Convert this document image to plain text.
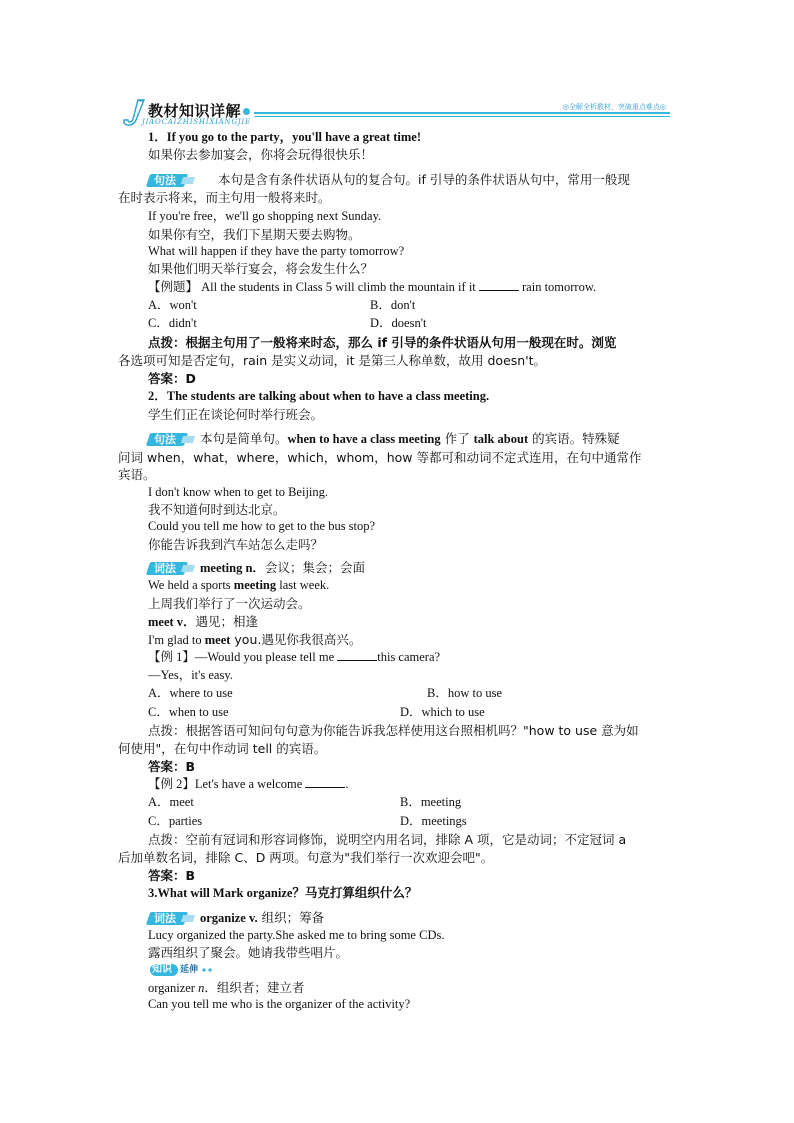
教材知识详解
JIAOCAIZHISHIXIANGJIE
◎全解全析教材，突破重点难点◎
1．If you go to the party，you'll have a great time!
如果你去参加宴会，你将会玩得很快乐！
句法	本句是含有条件状语从句的复合句。if 引导的条件状语从句中，常用一般现
在时表示将来，而主句用一般将来时。
If you're free，we'll go shopping next Sunday.
如果你有空，我们下星期天要去购物。
What will happen if they have the party tomorrow?
如果他们明天举行宴会，将会发生什么？
【例题】 All the students in Class 5 will climb the mountain if it	rain tomorrow.
A．won't	B．don't
C．didn't	D．doesn't
点拨：根据主句用了一般将来时态，那么 if 引导的条件状语从句用一般现在时。浏览
各选项可知是否定句，rain 是实义动词，it 是第三人称单数，故用 doesn't。
答案：D
2．The students are talking about when to have a class meeting.
学生们正在谈论何时举行班会。
句法 本句是简单句。when to have a class meeting 作了 talk about 的宾语。特殊疑
问词 when，what，where，which，whom，how 等都可和动词不定式连用，在句中通常作
宾语。
I don't know when to get to Beijing.
我不知道何时到达北京。
Could you tell me how to get to the bus stop?
你能告诉我到汽车站怎么走吗？
词法 meeting n．会议；集会；会面
We held a sports meeting last week.
上周我们举行了一次运动会。
meet v．遇见；相逢
I'm glad to meet you.遇见你我很高兴。
【例 1】—Would you please tell me	this camera?
—Yes，it's easy.
A．where to use	B．how to use
C．when to use	D．which to use
点拨：根据答语可知问句句意为你能告诉我怎样使用这台照相机吗？"how to use 意为如
何使用"，在句中作动词 tell 的宾语。
答案：B
【例 2】Let's have a welcome	.
A．meet	B．meeting
C．parties	D．meetings
点拨：空前有冠词和形容词修饰，说明空内用名词，排除 A 项，它是动词；不定冠词 a
后加单数名词，排除 C、D 两项。句意为"我们举行一次欢迎会吧"。
答案：B
3.What will Mark organize？马克打算组织什么？
词法 organize v. 组织；筹备
Lucy organized the party.She asked me to bring some CDs.
露西组织了聚会。她请我带些唱片。
知识 延伸
organizer n．组织者；建立者
Can you tell me who is the organizer of the activity?
